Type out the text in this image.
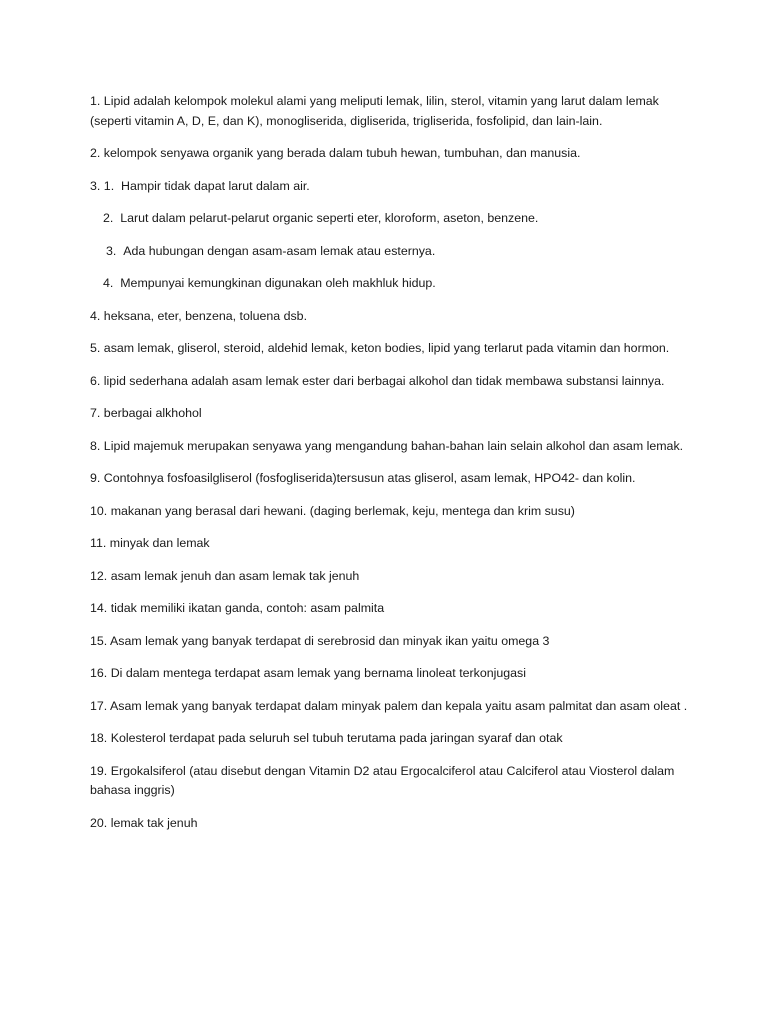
1. Lipid adalah kelompok molekul alami yang meliputi lemak, lilin, sterol, vitamin yang larut dalam lemak (seperti vitamin A, D, E, dan K), monogliserida, digliserida, trigliserida, fosfolipid, dan lain-lain.
2. kelompok senyawa organik yang berada dalam tubuh hewan, tumbuhan, dan manusia.
3. 1. Hampir tidak dapat larut dalam air.
2. Larut dalam pelarut-pelarut organic seperti eter, kloroform, aseton, benzene.
3. Ada hubungan dengan asam-asam lemak atau esternya.
4. Mempunyai kemungkinan digunakan oleh makhluk hidup.
4. heksana, eter, benzena, toluena dsb.
5. asam lemak, gliserol, steroid, aldehid lemak, keton bodies, lipid yang terlarut pada vitamin dan hormon.
6. lipid sederhana adalah asam lemak ester dari berbagai alkohol dan tidak membawa substansi lainnya.
7. berbagai alkhohol
8. Lipid majemuk merupakan senyawa yang mengandung bahan-bahan lain selain alkohol dan asam lemak.
9. Contohnya fosfoasilgliserol (fosfogliserida)tersusun atas gliserol, asam lemak, HPO42- dan kolin.
10. makanan yang berasal dari hewani. (daging berlemak, keju, mentega dan krim susu)
11. minyak dan lemak
12. asam lemak jenuh dan asam lemak tak jenuh
14. tidak memiliki ikatan ganda, contoh: asam palmita
15. Asam lemak yang banyak terdapat di serebrosid dan minyak ikan yaitu omega 3
16. Di dalam mentega terdapat asam lemak yang bernama linoleat terkonjugasi
17. Asam lemak yang banyak terdapat dalam minyak palem dan kepala yaitu asam palmitat dan asam oleat .
18. Kolesterol terdapat pada seluruh sel tubuh terutama pada jaringan syaraf dan otak
19. Ergokalsiferol (atau disebut dengan Vitamin D2 atau Ergocalciferol atau Calciferol atau Viosterol dalam bahasa inggris)
20. lemak tak jenuh
